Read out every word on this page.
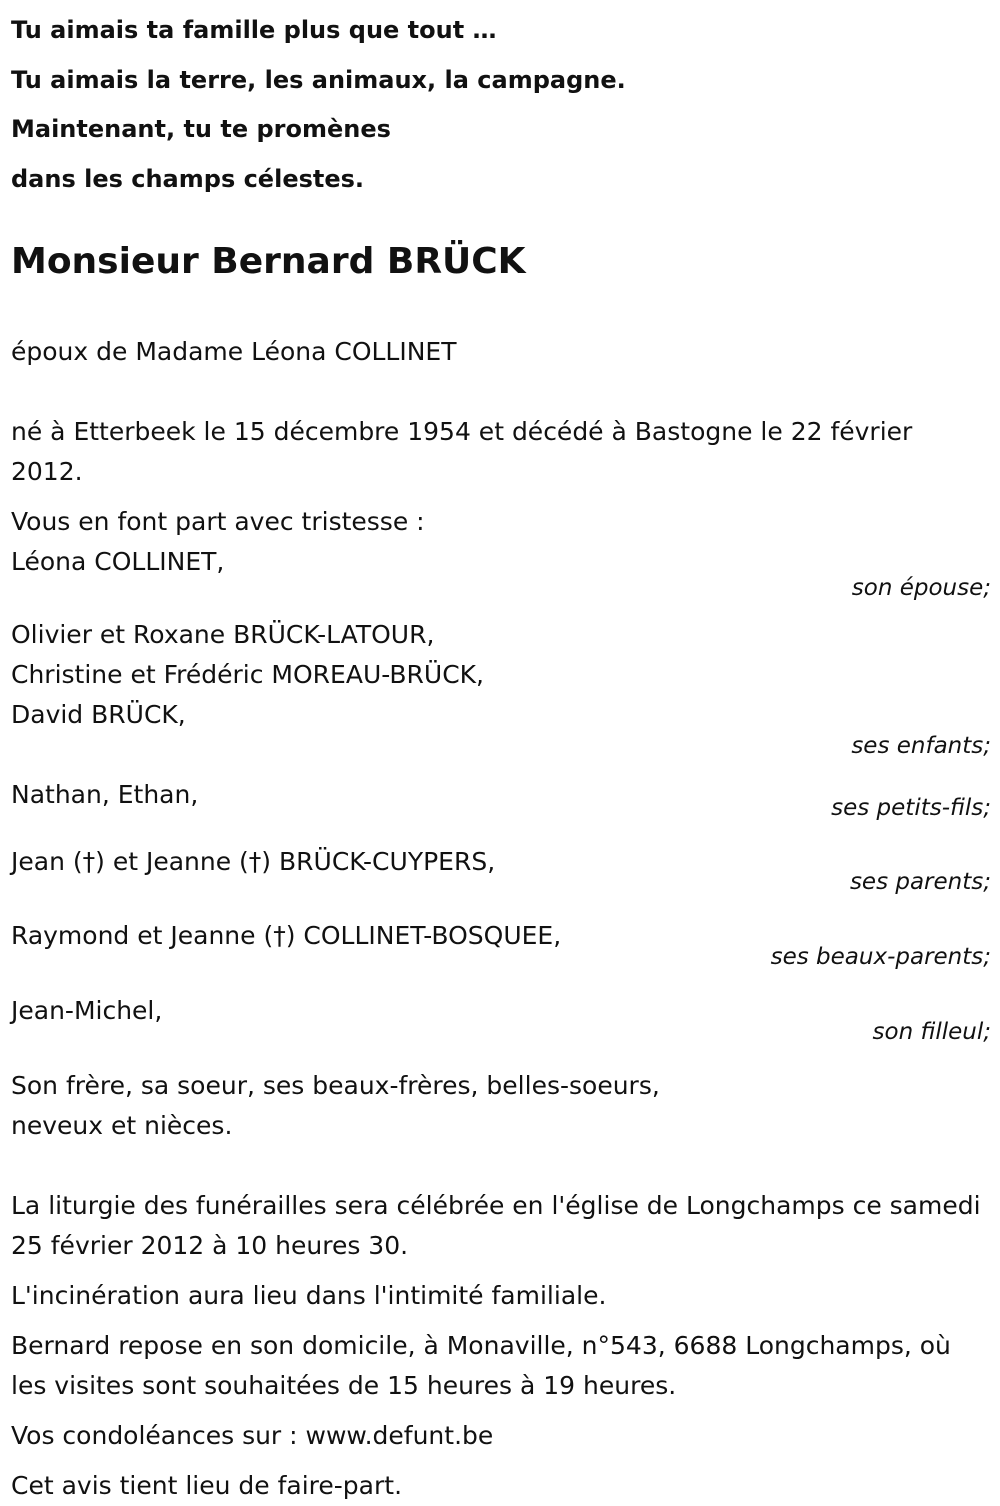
Tu aimais ta famille plus que tout …
Tu aimais la terre, les animaux, la campagne.
Maintenant, tu te promènes
dans les champs célestes.
Monsieur Bernard BRÜCK
époux de Madame Léona COLLINET
né à Etterbeek le 15 décembre 1954 et décédé à Bastogne le 22 février 2012.
Vous en font part avec tristesse :
Léona COLLINET,
son épouse;
Olivier et Roxane BRÜCK-LATOUR,
Christine et Frédéric MOREAU-BRÜCK,
David BRÜCK,
ses enfants;
Nathan, Ethan,	ses petits-fils;
Jean (†) et Jeanne (†) BRÜCK-CUYPERS,
ses parents;
Raymond et Jeanne (†) COLLINET-BOSQUEE,
ses beaux-parents;
Jean-Michel,
son filleul;
Son frère, sa soeur, ses beaux-frères, belles-soeurs,
neveux et nièces.
La liturgie des funérailles sera célébrée en l'église de Longchamps ce samedi 25 février 2012 à 10 heures 30.
L'incinération aura lieu dans l'intimité familiale.
Bernard repose en son domicile, à Monaville, n°543, 6688 Longchamps, où les visites sont souhaitées de 15 heures à 19 heures.
Vos condoléances sur : www.defunt.be
Cet avis tient lieu de faire-part.
